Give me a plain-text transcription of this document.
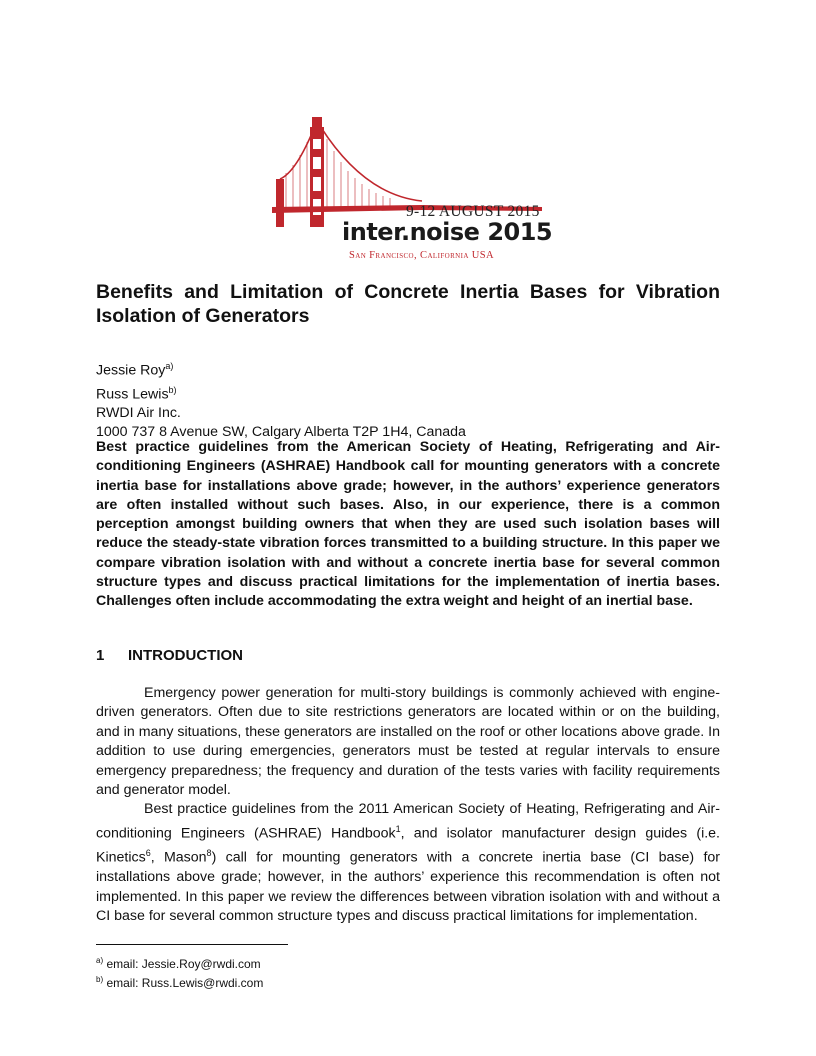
9-12 AUGUST 2015
inter.noise 2015
San Francisco, California USA
Benefits and Limitation of Concrete Inertia Bases for Vibration Isolation of Generators
Jessie Roy$^{a)}$
Russ Lewis$^{b)}$
RWDI Air Inc.
1000 737 8 Avenue SW, Calgary Alberta T2P 1H4, Canada
Best practice guidelines from the American Society of Heating, Refrigerating and Air-conditioning Engineers (ASHRAE) Handbook call for mounting generators with a concrete inertia base for installations above grade; however, in the authors’ experience generators are often installed without such bases. Also, in our experience, there is a common perception amongst building owners that when they are used such isolation bases will reduce the steady-state vibration forces transmitted to a building structure. In this paper we compare vibration isolation with and without a concrete inertia base for several common structure types and discuss practical limitations for the implementation of inertia bases. Challenges often include accommodating the extra weight and height of an inertial base.
1 INTRODUCTION

Emergency power generation for multi-story buildings is commonly achieved with engine-driven generators. Often due to site restrictions generators are located within or on the building, and in many situations, these generators are installed on the roof or other locations above grade. In addition to use during emergencies, generators must be tested at regular intervals to ensure emergency preparedness; the frequency and duration of the tests varies with facility requirements and generator model.

Best practice guidelines from the 2011 American Society of Heating, Refrigerating and Air-conditioning Engineers (ASHRAE) Handbook$^1$, and isolator manufacturer design guides (i.e. Kinetics$^6$, Mason$^8$) call for mounting generators with a concrete inertia base (CI base) for installations above grade; however, in the authors’ experience this recommendation is often not implemented. In this paper we review the differences between vibration isolation with and without a CI base for several common structure types and discuss practical limitations for implementation.

$^{a)}$ email: Jessie.Roy@rwdi.com
$^{b)}$ email: Russ.Lewis@rwdi.com
